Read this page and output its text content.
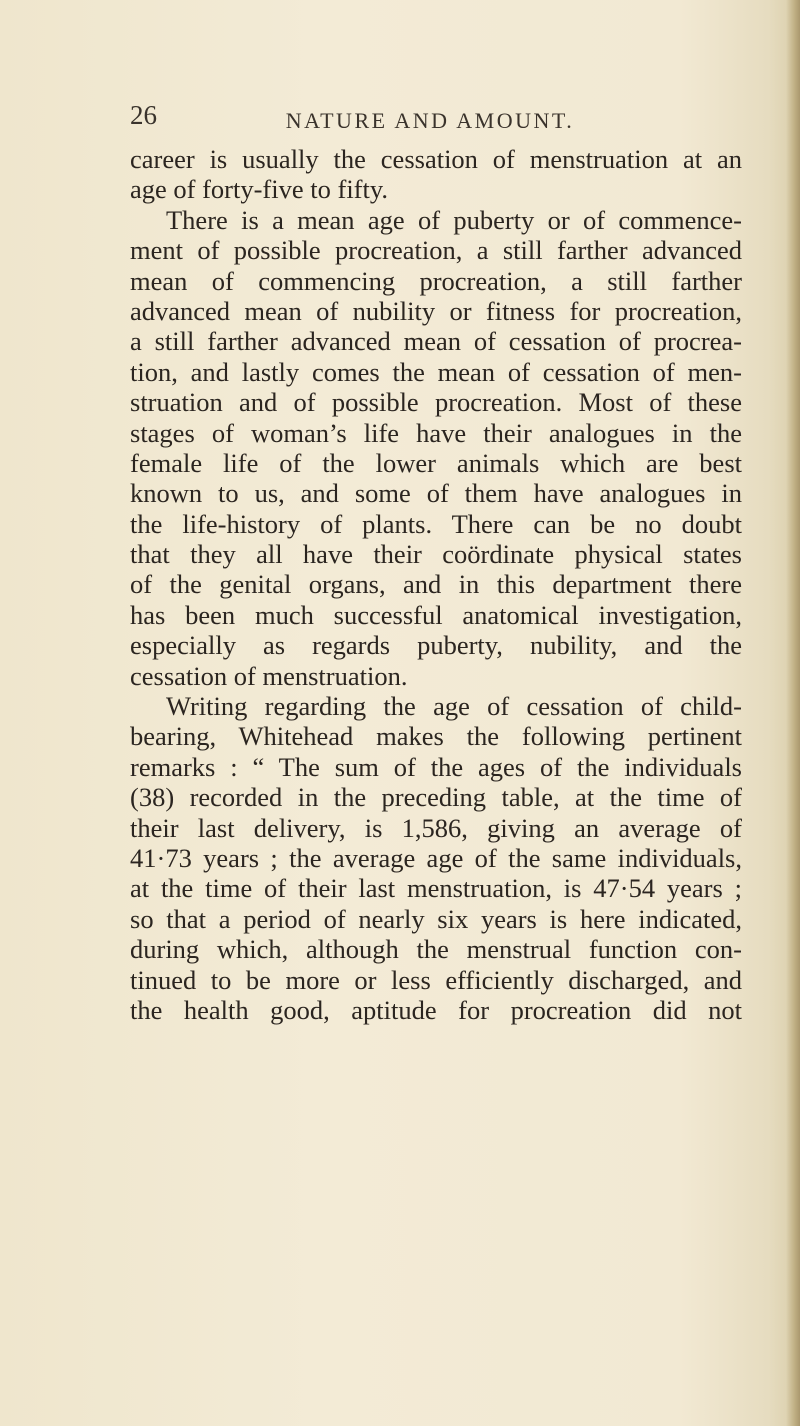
26	NATURE AND AMOUNT.
career is usually the cessation of menstruation at an
age of forty-five to fifty.
There is a mean age of puberty or of commence-
ment of possible procreation, a still farther advanced
mean of commencing procreation, a still farther
advanced mean of nubility or fitness for procreation,
a still farther advanced mean of cessation of procrea-
tion, and lastly comes the mean of cessation of men-
struation and of possible procreation. Most of these
stages of woman’s life have their analogues in the
female life of the lower animals which are best
known to us, and some of them have analogues in
the life-history of plants. There can be no doubt
that they all have their coördinate physical states
of the genital organs, and in this department there
has been much successful anatomical investigation,
especially as regards puberty, nubility, and the
cessation of menstruation.
Writing regarding the age of cessation of child-
bearing, Whitehead makes the following pertinent
remarks : “ The sum of the ages of the individuals
(38) recorded in the preceding table, at the time of
their last delivery, is 1,586, giving an average of
41·73 years ; the average age of the same individuals,
at the time of their last menstruation, is 47·54 years ;
so that a period of nearly six years is here indicated,
during which, although the menstrual function con-
tinued to be more or less efficiently discharged, and
the health good, aptitude for procreation did not
